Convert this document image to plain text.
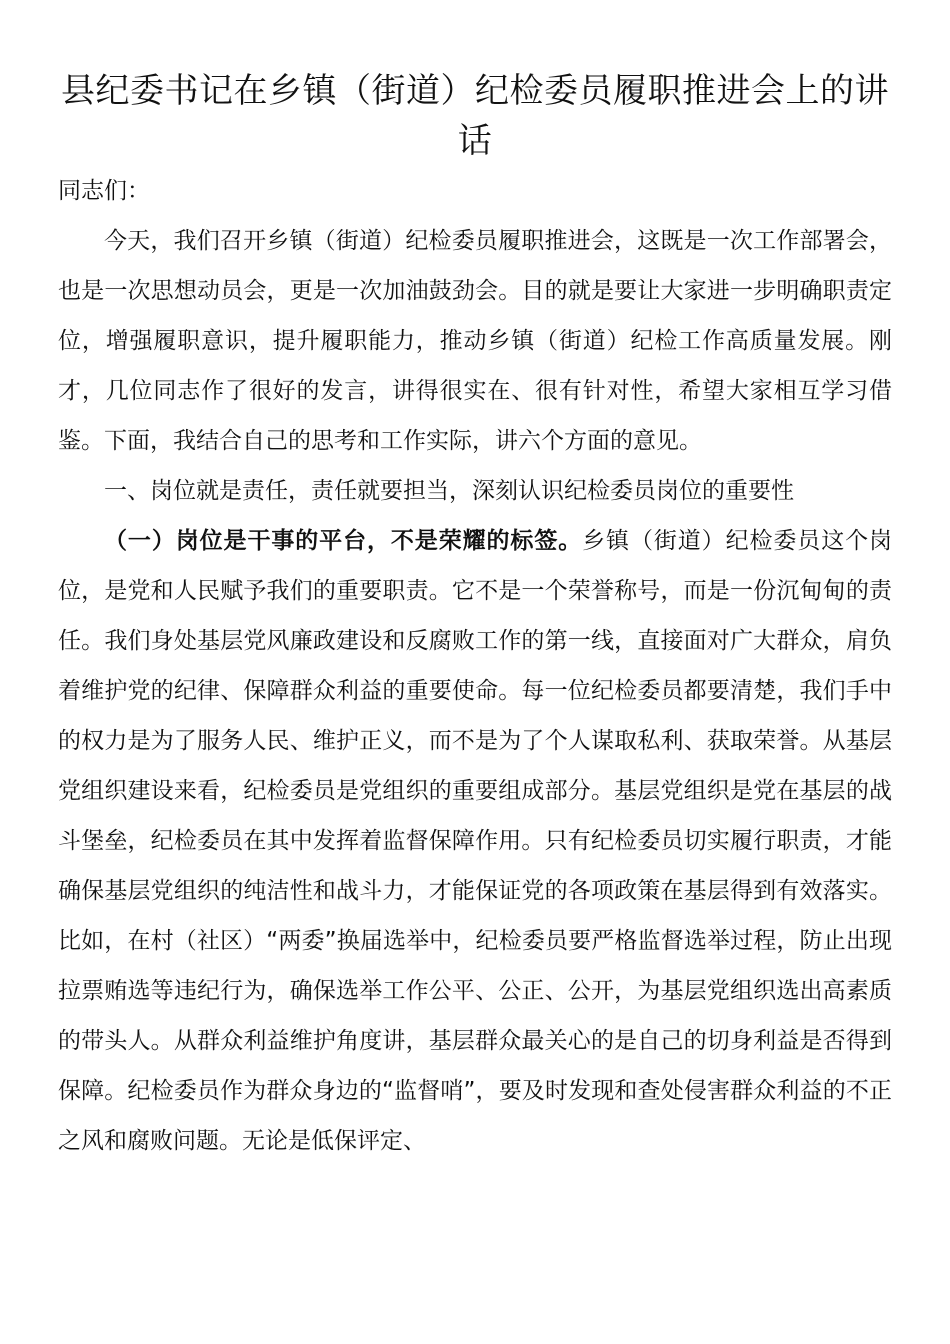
县纪委书记在乡镇（街道）纪检委员履职推进会上的讲话

同志们：

今天，我们召开乡镇（街道）纪检委员履职推进会，这既是一次工作部署会，也是一次思想动员会，更是一次加油鼓劲会。目的就是要让大家进一步明确职责定位，增强履职意识，提升履职能力，推动乡镇（街道）纪检工作高质量发展。刚才，几位同志作了很好的发言，讲得很实在、很有针对性，希望大家相互学习借鉴。下面，我结合自己的思考和工作实际，讲六个方面的意见。

一、岗位就是责任，责任就要担当，深刻认识纪检委员岗位的重要性

（一）岗位是干事的平台，不是荣耀的标签。乡镇（街道）纪检委员这个岗位，是党和人民赋予我们的重要职责。它不是一个荣誉称号，而是一份沉甸甸的责任。我们身处基层党风廉政建设和反腐败工作的第一线，直接面对广大群众，肩负着维护党的纪律、保障群众利益的重要使命。每一位纪检委员都要清楚，我们手中的权力是为了服务人民、维护正义，而不是为了个人谋取私利、获取荣誉。从基层党组织建设来看，纪检委员是党组织的重要组成部分。基层党组织是党在基层的战斗堡垒，纪检委员在其中发挥着监督保障作用。只有纪检委员切实履行职责，才能确保基层党组织的纯洁性和战斗力，才能保证党的各项政策在基层得到有效落实。比如，在村（社区）“两委”换届选举中，纪检委员要严格监督选举过程，防止出现拉票贿选等违纪行为，确保选举工作公平、公正、公开，为基层党组织选出高素质的带头人。从群众利益维护角度讲，基层群众最关心的是自己的切身利益是否得到保障。纪检委员作为群众身边的“监督哨”，要及时发现和查处侵害群众利益的不正之风和腐败问题。无论是低保评定、
